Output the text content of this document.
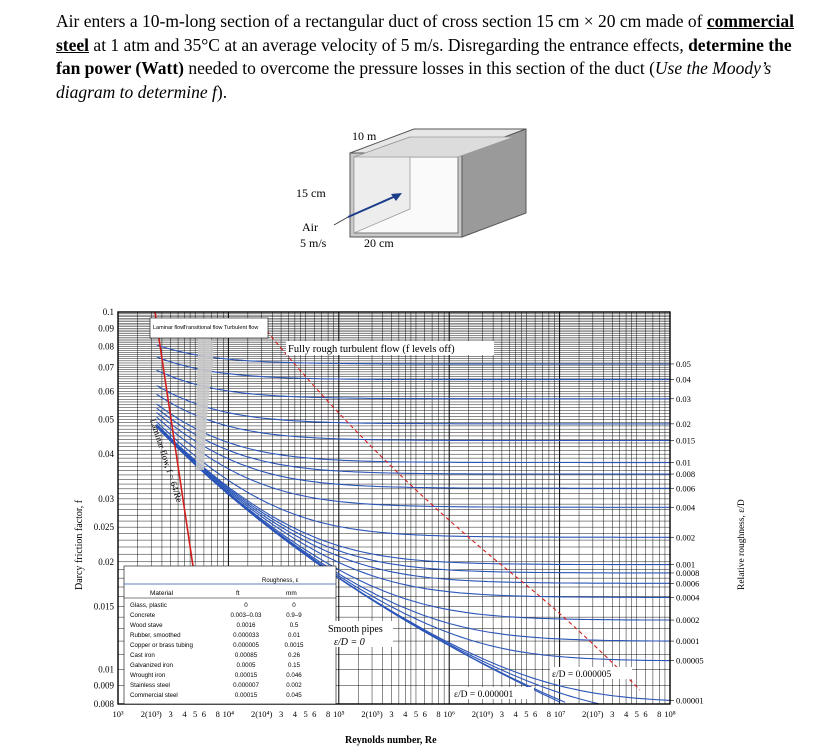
Air enters a 10-m-long section of a rectangular duct of cross section 15 cm × 20 cm made of commercial steel at 1 atm and 35°C at an average velocity of 5 m/s. Disregarding the entrance effects, determine the fan power (Watt) needed to overcome the pressure losses in this section of the duct (Use the Moody’s diagram to determine f).
10 m
15 cm
20 cm
Air
5 m/s
Laminar flow
Transitional flow Turbulent flow
Fully rough turbulent flow (f levels off)
Laminar flow, f = 64/Re
Roughness, ε
Material	ft	mm
Glass, plastic	0	0
Concrete	0.003–0.03	0.9–9
Wood stave	0.0016	0.5
Rubber, smoothed	0.000033	0.01
Copper or brass tubing	0.000005	0.0015
Cast iron	0.00085	0.26
Galvanized iron	0.0005	0.15
Wrought iron	0.00015	0.046
Stainless steel	0.000007	0.002
Commercial steel	0.00015	0.045
Smooth pipes
ε/D = 0
ε/D = 0.000005
ε/D = 0.000001
0.1
0.09
0.08
0.07
0.06
0.05
0.04
0.03
0.025
0.02
0.015
0.01
0.009
0.008
0.05
0.04
0.03
0.02
0.015
0.01
0.008
0.006
0.004
0.002
0.001
0.0008
0.0006
0.0004
0.0002
0.0001
0.00005
0.00001
10³ 2(10³) 3 4 5 6 8 10⁴ 2(10⁴) 3 4 5 6 8 10⁵ 2(10⁵) 3 4 5 6 8 10⁶ 2(10⁶) 3 4 5 6 8 10⁷ 2(10⁷) 3 4 5 6 8 10⁸
Darcy friction factor, f	Relative roughness, ε/D
Reynolds number, Re
